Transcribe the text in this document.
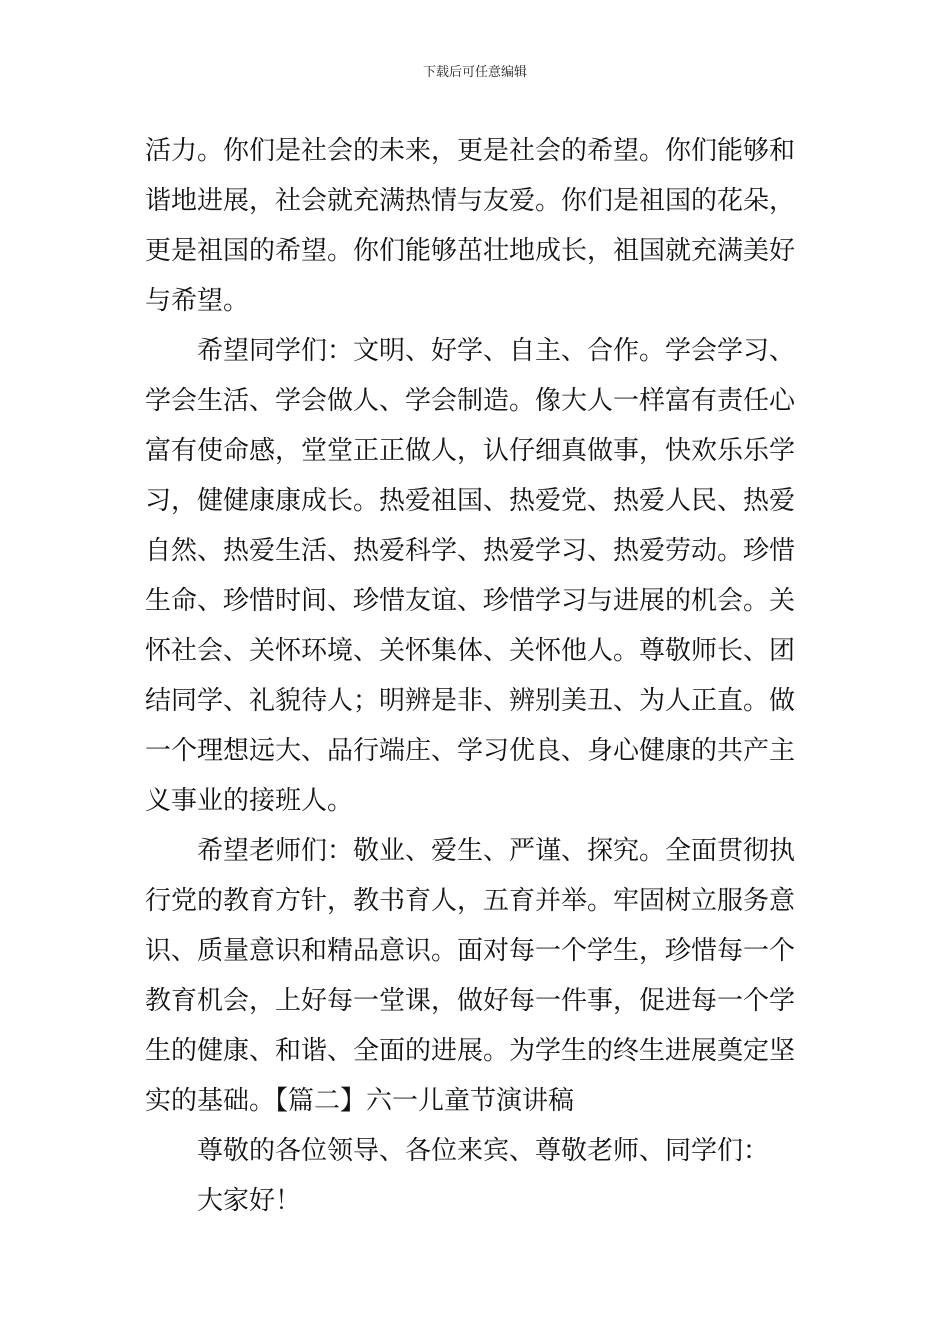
下载后可任意编辑

活力。你们是社会的未来，更是社会的希望。你们能够和
谐地进展，社会就充满热情与友爱。你们是祖国的花朵，
更是祖国的希望。你们能够茁壮地成长，祖国就充满美好
与希望。

希望同学们：文明、好学、自主、合作。学会学习、
学会生活、学会做人、学会制造。像大人一样富有责任心
富有使命感，堂堂正正做人，认仔细真做事，快欢乐乐学
习，健健康康成长。热爱祖国、热爱党、热爱人民、热爱
自然、热爱生活、热爱科学、热爱学习、热爱劳动。珍惜
生命、珍惜时间、珍惜友谊、珍惜学习与进展的机会。关
怀社会、关怀环境、关怀集体、关怀他人。尊敬师长、团
结同学、礼貌待人；明辨是非、辨别美丑、为人正直。做
一个理想远大、品行端庄、学习优良、身心健康的共产主
义事业的接班人。

希望老师们：敬业、爱生、严谨、探究。全面贯彻执
行党的教育方针，教书育人，五育并举。牢固树立服务意
识、质量意识和精品意识。面对每一个学生，珍惜每一个
教育机会，上好每一堂课，做好每一件事，促进每一个学
生的健康、和谐、全面的进展。为学生的终生进展奠定坚
实的基础。【篇二】六一儿童节演讲稿

尊敬的各位领导、各位来宾、尊敬老师、同学们：

大家好！
